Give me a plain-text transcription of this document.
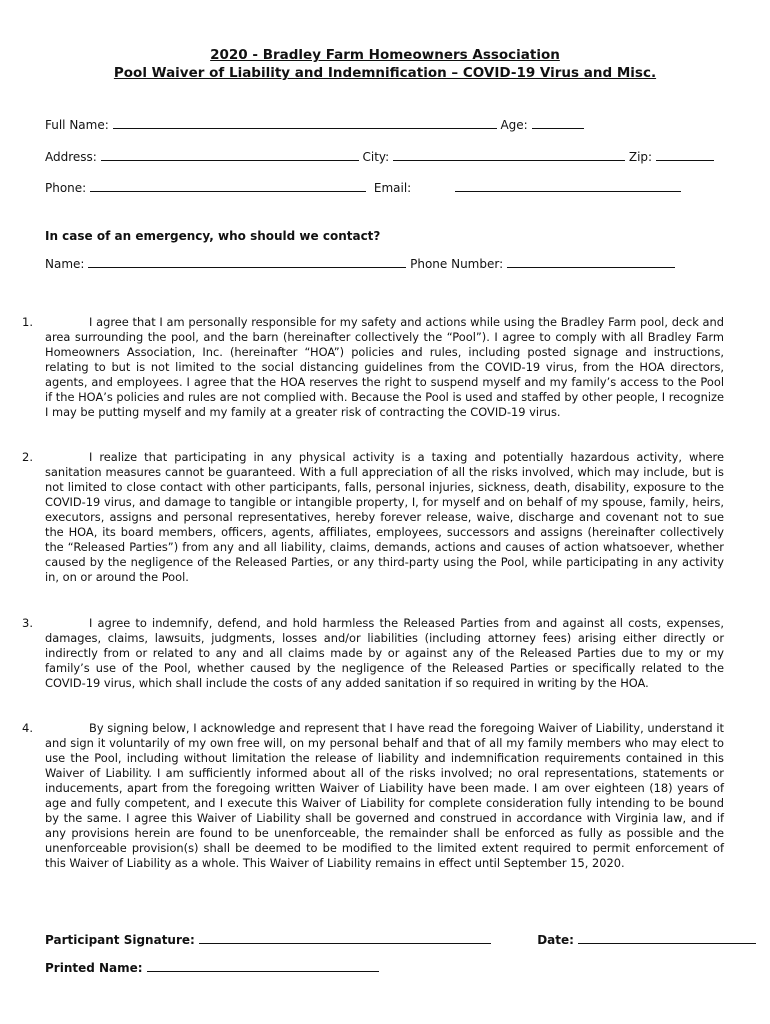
2020 - Bradley Farm Homeowners Association
Pool Waiver of Liability and Indemnification – COVID-19 Virus and Misc.
Full Name:	Age:
Address:	City:	Zip:
Phone:	Email:
In case of an emergency, who should we contact?
Name:	Phone Number:
1.	I agree that I am personally responsible for my safety and actions while using the Bradley Farm pool, deck and area surrounding the pool, and the barn (hereinafter collectively the “Pool”). I agree to comply with all Bradley Farm Homeowners Association, Inc. (hereinafter “HOA”) policies and rules, including posted signage and instructions, relating to but is not limited to the social distancing guidelines from the COVID-19 virus, from the HOA directors, agents, and employees. I agree that the HOA reserves the right to suspend myself and my family’s access to the Pool if the HOA’s policies and rules are not complied with. Because the Pool is used and staffed by other people, I recognize I may be putting myself and my family at a greater risk of contracting the COVID-19 virus.
2.	I realize that participating in any physical activity is a taxing and potentially hazardous activity, where sanitation measures cannot be guaranteed. With a full appreciation of all the risks involved, which may include, but is not limited to close contact with other participants, falls, personal injuries, sickness, death, disability, exposure to the COVID-19 virus, and damage to tangible or intangible property, I, for myself and on behalf of my spouse, family, heirs, executors, assigns and personal representatives, hereby forever release, waive, discharge and covenant not to sue the HOA, its board members, officers, agents, affiliates, employees, successors and assigns (hereinafter collectively the “Released Parties”) from any and all liability, claims, demands, actions and causes of action whatsoever, whether caused by the negligence of the Released Parties, or any third-party using the Pool, while participating in any activity in, on or around the Pool.
3.	I agree to indemnify, defend, and hold harmless the Released Parties from and against all costs, expenses, damages, claims, lawsuits, judgments, losses and/or liabilities (including attorney fees) arising either directly or indirectly from or related to any and all claims made by or against any of the Released Parties due to my or my family’s use of the Pool, whether caused by the negligence of the Released Parties or specifically related to the COVID-19 virus, which shall include the costs of any added sanitation if so required in writing by the HOA.
4.	By signing below, I acknowledge and represent that I have read the foregoing Waiver of Liability, understand it and sign it voluntarily of my own free will, on my personal behalf and that of all my family members who may elect to use the Pool, including without limitation the release of liability and indemnification requirements contained in this Waiver of Liability. I am sufficiently informed about all of the risks involved; no oral representations, statements or inducements, apart from the foregoing written Waiver of Liability have been made. I am over eighteen (18) years of age and fully competent, and I execute this Waiver of Liability for complete consideration fully intending to be bound by the same. I agree this Waiver of Liability shall be governed and construed in accordance with Virginia law, and if any provisions herein are found to be unenforceable, the remainder shall be enforced as fully as possible and the unenforceable provision(s) shall be deemed to be modified to the limited extent required to permit enforcement of this Waiver of Liability as a whole. This Waiver of Liability remains in effect until September 15, 2020.
Participant Signature:	Date:
Printed Name:
